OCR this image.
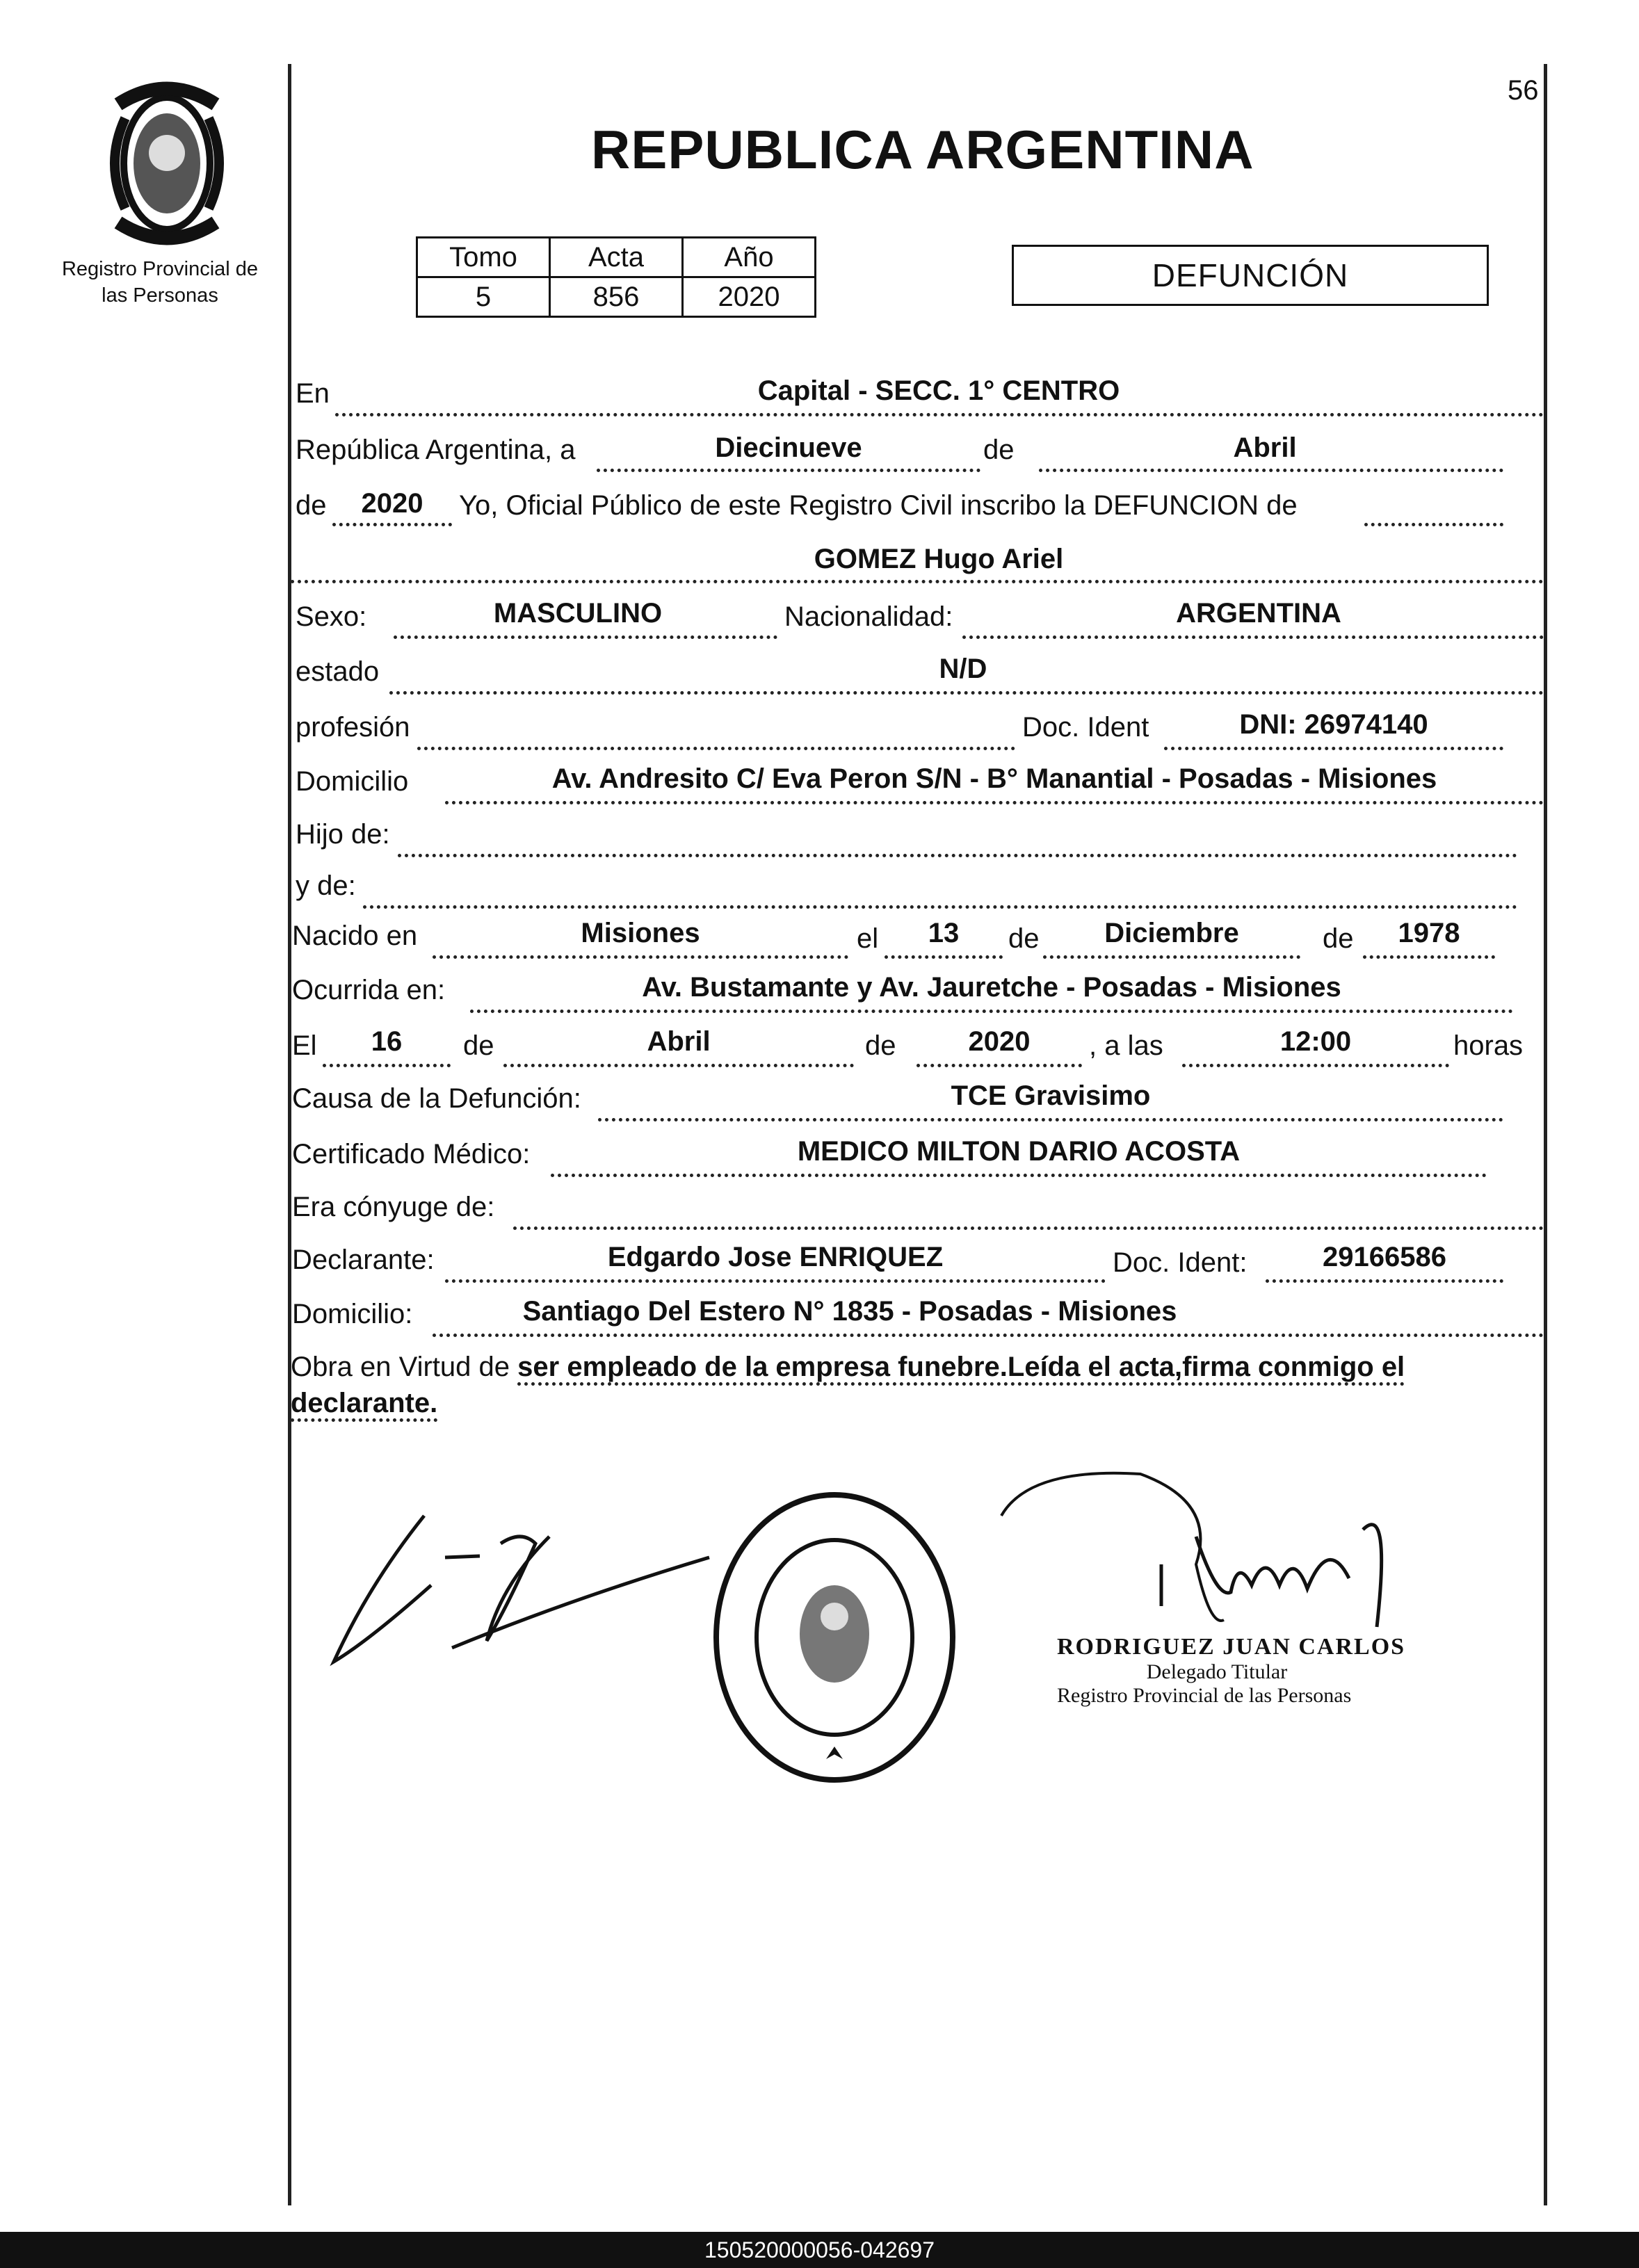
56
Registro Provincial de
las Personas
REPUBLICA ARGENTINA
Tomo	Acta	Año
5	856	2020
DEFUNCIÓN
En	Capital - SECC. 1° CENTRO
República Argentina, a	Diecinueve	de	Abril
de	2020	Yo, Oficial Público de este Registro Civil inscribo la DEFUNCION de
GOMEZ Hugo Ariel
Sexo:	MASCULINO	Nacionalidad:	ARGENTINA
estado	N/D
profesión	Doc. Ident	DNI: 26974140
Domicilio	Av. Andresito C/ Eva Peron S/N - B° Manantial - Posadas - Misiones
Hijo de:
y de:
Nacido en	Misiones	el	13	de	Diciembre	de	1978
Ocurrida en:	Av. Bustamante y Av. Jauretche - Posadas - Misiones
El	16	de	Abril	de	2020	, a las	12:00	horas
Causa de la Defunción:	TCE Gravisimo
Certificado Médico:	MEDICO MILTON DARIO ACOSTA
Era cónyuge de:
Declarante:	Edgardo Jose ENRIQUEZ	Doc. Ident:	29166586
Domicilio:	Santiago Del Estero N° 1835 - Posadas - Misiones
Obra en Virtud de ser empleado de la empresa funebre.Leída el acta,firma conmigo el
declarante.
RODRIGUEZ JUAN CARLOS
Delegado Titular
Registro Provincial de las Personas
150520000056-042697
